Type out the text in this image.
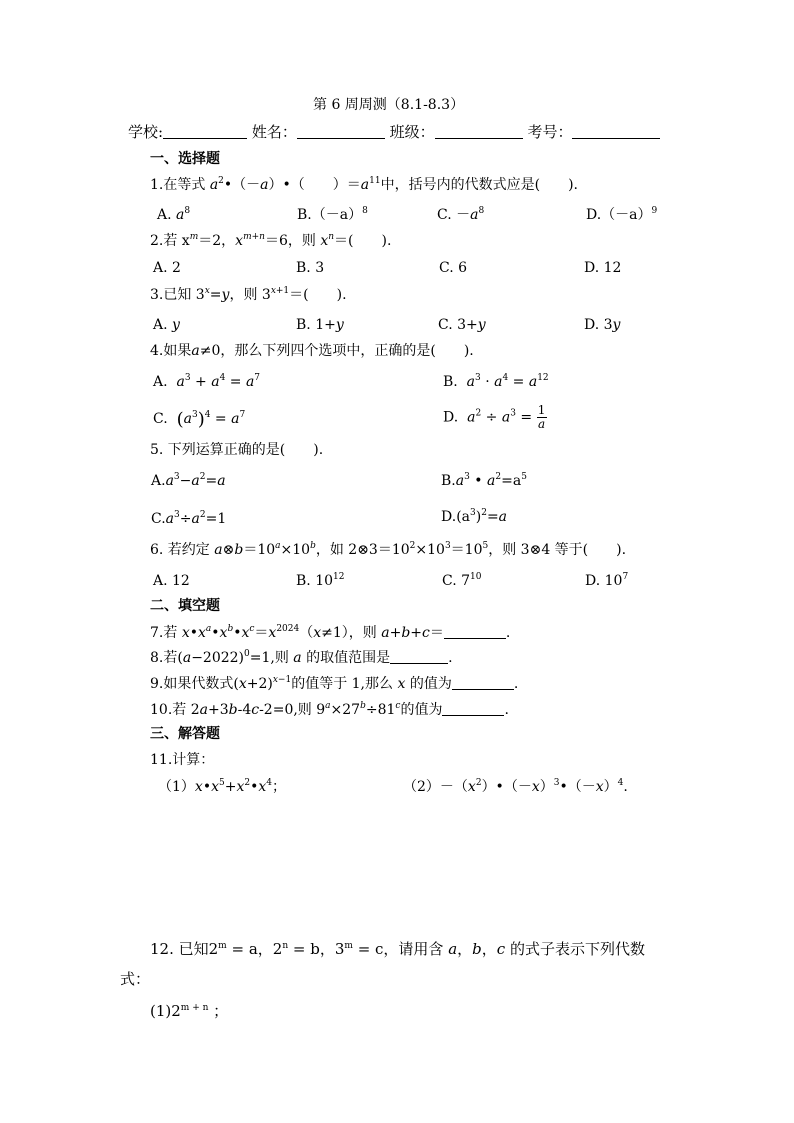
第 6 周周测（8.1-8.3）
学校:	姓名：	班级：	考号：
一、选择题
1.在等式 $a^2•(-a)•$（　　）$=a^{11}$中，括号内的代数式应是(　　).
A. $a^8$	$B.(-a)^8$	C. $-a^8$	$D.(-a)^9$
2.若 $x^m=2$，$x^{m+n}=6$，则 $x^n=$(　　).
A. 2	B. 3	C. 6	D. 12
3.已知 $3^x=y$，则 $3^{x+1}=$(　　).
A. y	B. 1+y	C. 3+y	D. 3y
4.如果a≠0，那么下列四个选项中，正确的是(　　).
A. $a^3 + a^4 = a^7$	B. $a^3 \cdot a^4 = a^{12}$
C. $(a^3)^4 = a^7$	D. $a^2 \div a^3 = \frac{1}{a}$
5. 下列运算正确的是(　　).
$A.a^3-a^2=a$	$B.a^3$ • $a^2=a^5$
$C.a^3\div a^2=1$	$D.(a^3)^2=a$
6. 若约定 $a\otimes b=10^a\times 10^b$，如 $2\otimes 3=10^2\times 10^3=10^5$，则 3⊗4 等于(　　).
A. 12	B. $10^{12}$	C. $7^{10}$	D. $10^7$
二、填空题
7.若 $x•x^a•x^b•x^c=x^{2024}(x\ne 1)$，则 a+b+c＝	.
8.若$(a-2022)^0=1$,则 a 的取值范围是	.
9.如果代数式$(x+2)^{x-1}$的值等于 1,那么 x 的值为	.
10.若 2a+3b-4c-2=0,则 $9^a\times 27^b\div 81^c$的值为	.
三、解答题
11.计算：
$(1)x•x^5+x^2•x^4$；	$(2)-(x^2)•(-x)^3•(-x)^4$.
12. 已知$2^m = a$，$2^n = b$，$3^m = c$，请用含 a，b，c 的式子表示下列代数
式：
$(1)2^{m + n}$ ；
